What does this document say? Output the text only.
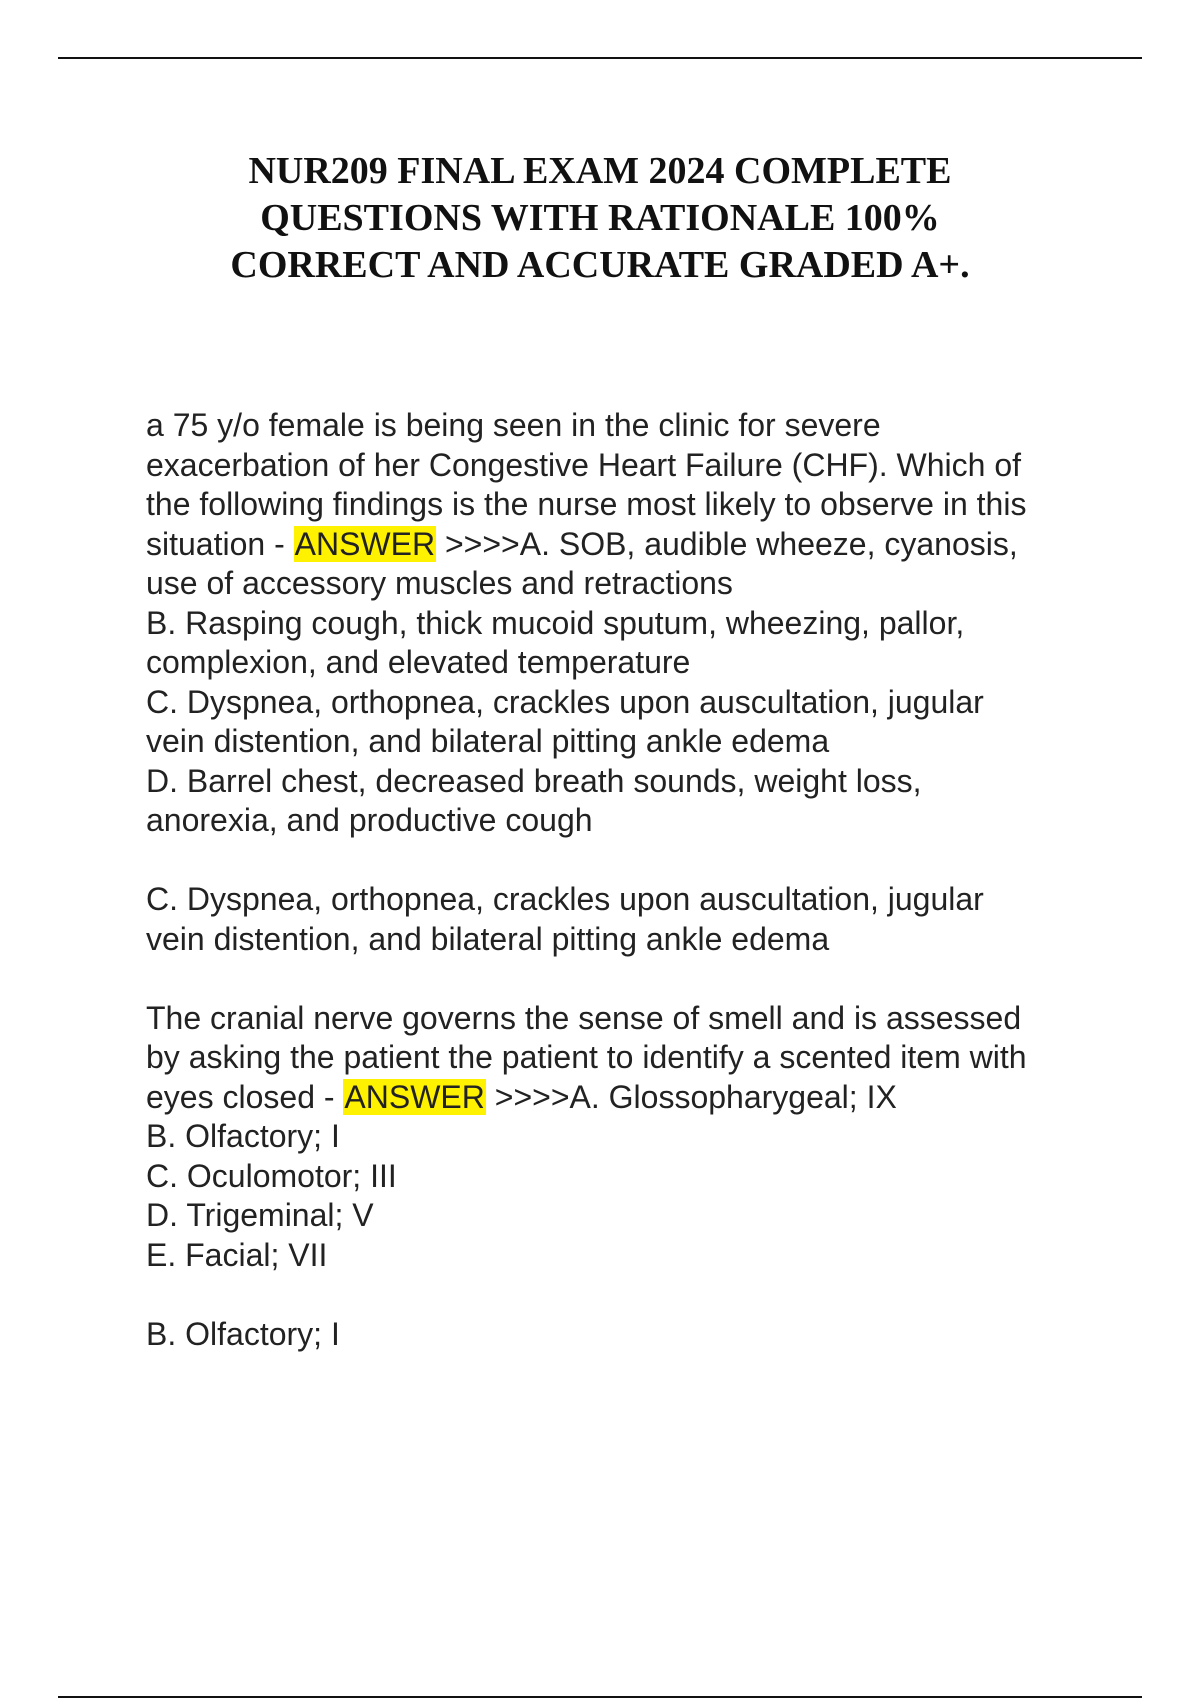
NUR209 FINAL EXAM 2024 COMPLETE
QUESTIONS WITH RATIONALE 100%
CORRECT AND ACCURATE GRADED A+.
a 75 y/o female is being seen in the clinic for severe
exacerbation of her Congestive Heart Failure (CHF). Which of
the following findings is the nurse most likely to observe in this
situation - ANSWER >>>>A. SOB, audible wheeze, cyanosis,
use of accessory muscles and retractions
B. Rasping cough, thick mucoid sputum, wheezing, pallor,
complexion, and elevated temperature
C. Dyspnea, orthopnea, crackles upon auscultation, jugular
vein distention, and bilateral pitting ankle edema
D. Barrel chest, decreased breath sounds, weight loss,
anorexia, and productive cough
C. Dyspnea, orthopnea, crackles upon auscultation, jugular
vein distention, and bilateral pitting ankle edema
The cranial nerve governs the sense of smell and is assessed
by asking the patient the patient to identify a scented item with
eyes closed - ANSWER >>>>A. Glossopharygeal; IX
B. Olfactory; I
C. Oculomotor; III
D. Trigeminal; V
E. Facial; VII
B. Olfactory; I
